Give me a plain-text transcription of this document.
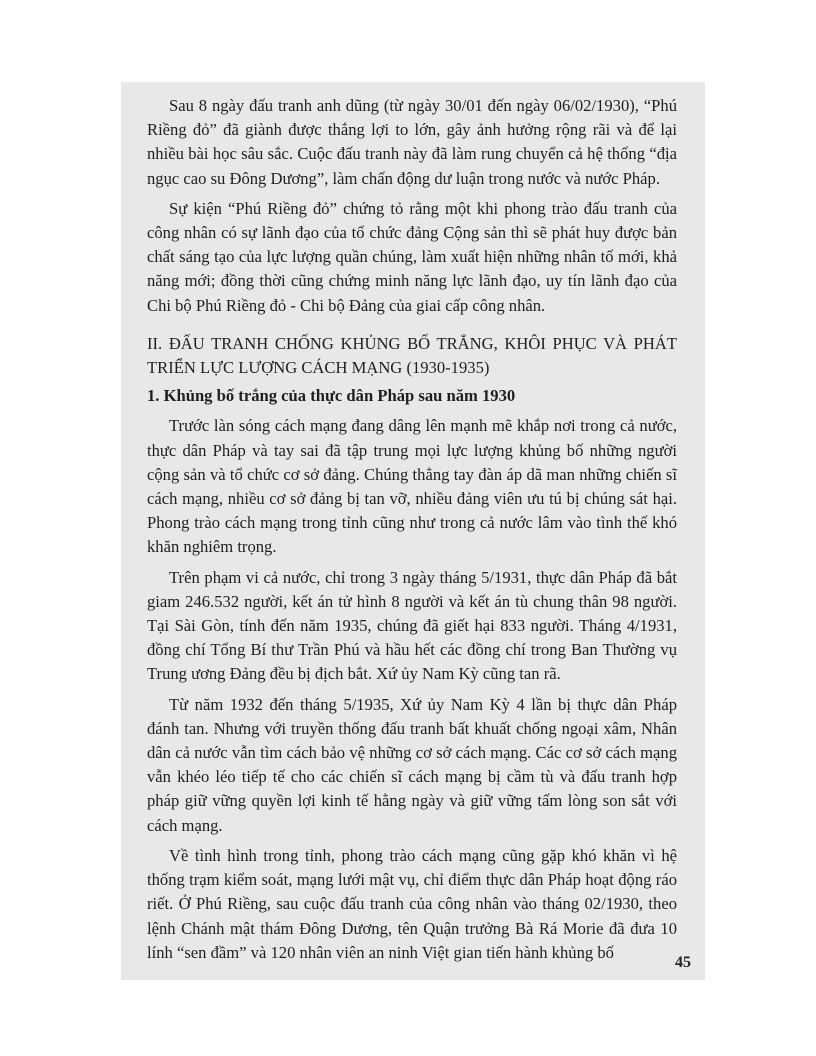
Sau 8 ngày đấu tranh anh dũng (từ ngày 30/01 đến ngày 06/02/1930), “Phú Riềng đỏ” đã giành được thắng lợi to lớn, gây ảnh hưởng rộng rãi và để lại nhiều bài học sâu sắc. Cuộc đấu tranh này đã làm rung chuyển cả hệ thống “địa ngục cao su Đông Dương”, làm chấn động dư luận trong nước và nước Pháp.

Sự kiện “Phú Riềng đỏ” chứng tỏ rằng một khi phong trào đấu tranh của công nhân có sự lãnh đạo của tổ chức đảng Cộng sản thì sẽ phát huy được bản chất sáng tạo của lực lượng quần chúng, làm xuất hiện những nhân tố mới, khả năng mới; đồng thời cũng chứng minh năng lực lãnh đạo, uy tín lãnh đạo của Chi bộ Phú Riềng đỏ - Chi bộ Đảng của giai cấp công nhân.

II. ĐẤU TRANH CHỐNG KHỦNG BỐ TRẮNG, KHÔI PHỤC VÀ PHÁT TRIỂN LỰC LƯỢNG CÁCH MẠNG (1930-1935)
1. Khủng bố trắng của thực dân Pháp sau năm 1930

Trước làn sóng cách mạng đang dâng lên mạnh mẽ khắp nơi trong cả nước, thực dân Pháp và tay sai đã tập trung mọi lực lượng khủng bố những người cộng sản và tổ chức cơ sở đảng. Chúng thẳng tay đàn áp dã man những chiến sĩ cách mạng, nhiều cơ sở đảng bị tan vỡ, nhiều đảng viên ưu tú bị chúng sát hại. Phong trào cách mạng trong tỉnh cũng như trong cả nước lâm vào tình thế khó khăn nghiêm trọng.

Trên phạm vi cả nước, chỉ trong 3 ngày tháng 5/1931, thực dân Pháp đã bắt giam 246.532 người, kết án tử hình 8 người và kết án tù chung thân 98 người. Tại Sài Gòn, tính đến năm 1935, chúng đã giết hại 833 người. Tháng 4/1931, đồng chí Tổng Bí thư Trần Phú và hầu hết các đồng chí trong Ban Thường vụ Trung ương Đảng đều bị địch bắt. Xứ ủy Nam Kỳ cũng tan rã.

Từ năm 1932 đến tháng 5/1935, Xứ ủy Nam Kỳ 4 lần bị thực dân Pháp đánh tan. Nhưng với truyền thống đấu tranh bất khuất chống ngoại xâm, Nhân dân cả nước vẫn tìm cách bảo vệ những cơ sở cách mạng. Các cơ sở cách mạng vẫn khéo léo tiếp tế cho các chiến sĩ cách mạng bị cầm tù và đấu tranh hợp pháp giữ vững quyền lợi kinh tế hằng ngày và giữ vững tấm lòng son sắt với cách mạng.

Về tình hình trong tỉnh, phong trào cách mạng cũng gặp khó khăn vì hệ thống trạm kiểm soát, mạng lưới mật vụ, chỉ điểm thực dân Pháp hoạt động ráo riết. Ở Phú Riềng, sau cuộc đấu tranh của công nhân vào tháng 02/1930, theo lệnh Chánh mật thám Đông Dương, tên Quận trưởng Bà Rá Morie đã đưa 10 lính “sen đầm” và 120 nhân viên an ninh Việt gian tiến hành khủng bố

45
